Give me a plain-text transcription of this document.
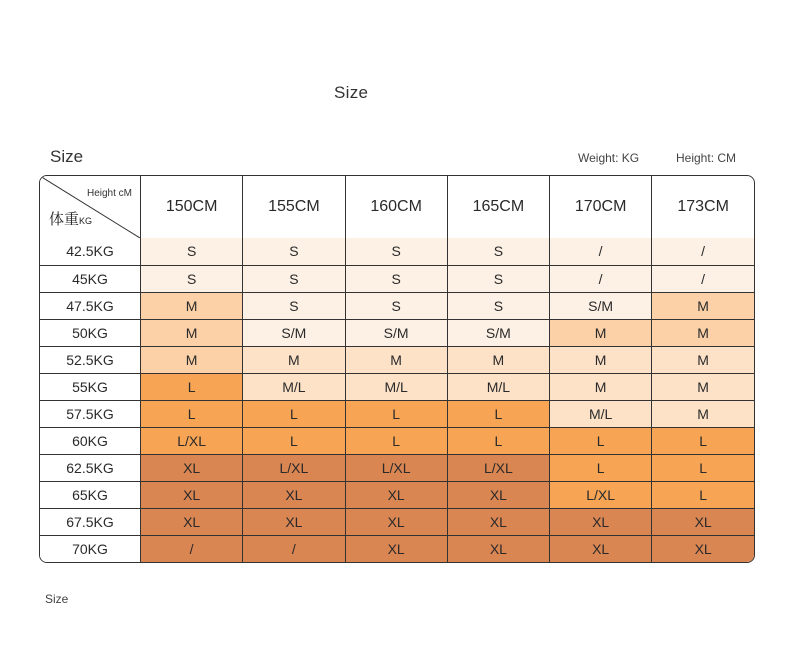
Size
Size	Weight: KG	Height: CM
Height cM
体重KG	150CM	155CM	160CM	165CM	170CM	173CM
42.5KG	S	S	S	S	/	/
45KG	S	S	S	S	/	/
47.5KG	M	S	S	S	S/M	M
50KG	M	S/M	S/M	S/M	M	M
52.5KG	M	M	M	M	M	M
55KG	L	M/L	M/L	M/L	M	M
57.5KG	L	L	L	L	M/L	M
60KG	L/XL	L	L	L	L	L
62.5KG	XL	L/XL	L/XL	L/XL	L	L
65KG	XL	XL	XL	XL	L/XL	L
67.5KG	XL	XL	XL	XL	XL	XL
70KG	/	/	XL	XL	XL	XL
Size
